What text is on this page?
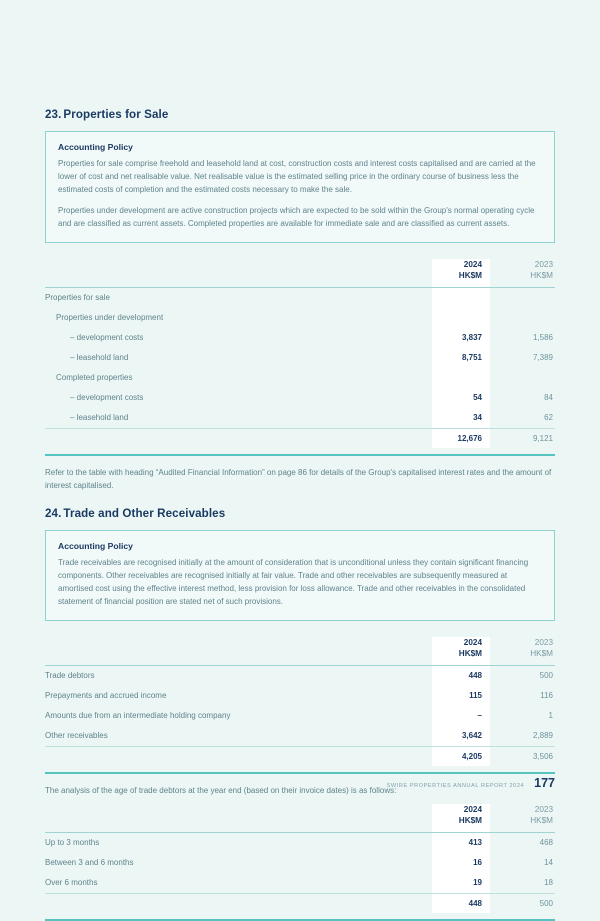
23. Properties for Sale
Accounting Policy

Properties for sale comprise freehold and leasehold land at cost, construction costs and interest costs capitalised and are carried at the lower of cost and net realisable value. Net realisable value is the estimated selling price in the ordinary course of business less the estimated costs of completion and the estimated costs necessary to make the sale.

Properties under development are active construction projects which are expected to be sold within the Group's normal operating cycle and are classified as current assets. Completed properties are available for immediate sale and are classified as current assets.

	2024
HK$M	2023
HK$M

Properties for sale		
Properties under development		
– development costs	3,837	1,586
– leasehold land	8,751	7,389
Completed properties		
– development costs	54	84
– leasehold land	34	62
	12,676	9,121

Refer to the table with heading “Audited Financial Information” on page 86 for details of the Group's capitalised interest rates and the amount of interest capitalised.

24. Trade and Other Receivables
Accounting Policy

Trade receivables are recognised initially at the amount of consideration that is unconditional unless they contain significant financing components. Other receivables are recognised initially at fair value. Trade and other receivables are subsequently measured at amortised cost using the effective interest method, less provision for loss allowance. Trade and other receivables in the consolidated statement of financial position are stated net of such provisions.

	2024
HK$M	2023
HK$M

Trade debtors	448	500
Prepayments and accrued income	115	116
Amounts due from an intermediate holding company	–	1
Other receivables	3,642	2,889
	4,205	3,506

The analysis of the age of trade debtors at the year end (based on their invoice dates) is as follows:

	2024
HK$M	2023
HK$M

Up to 3 months	413	468
Between 3 and 6 months	16	14
Over 6 months	19	18
	448	500
SWIRE PROPERTIES ANNUAL REPORT 2024 177
